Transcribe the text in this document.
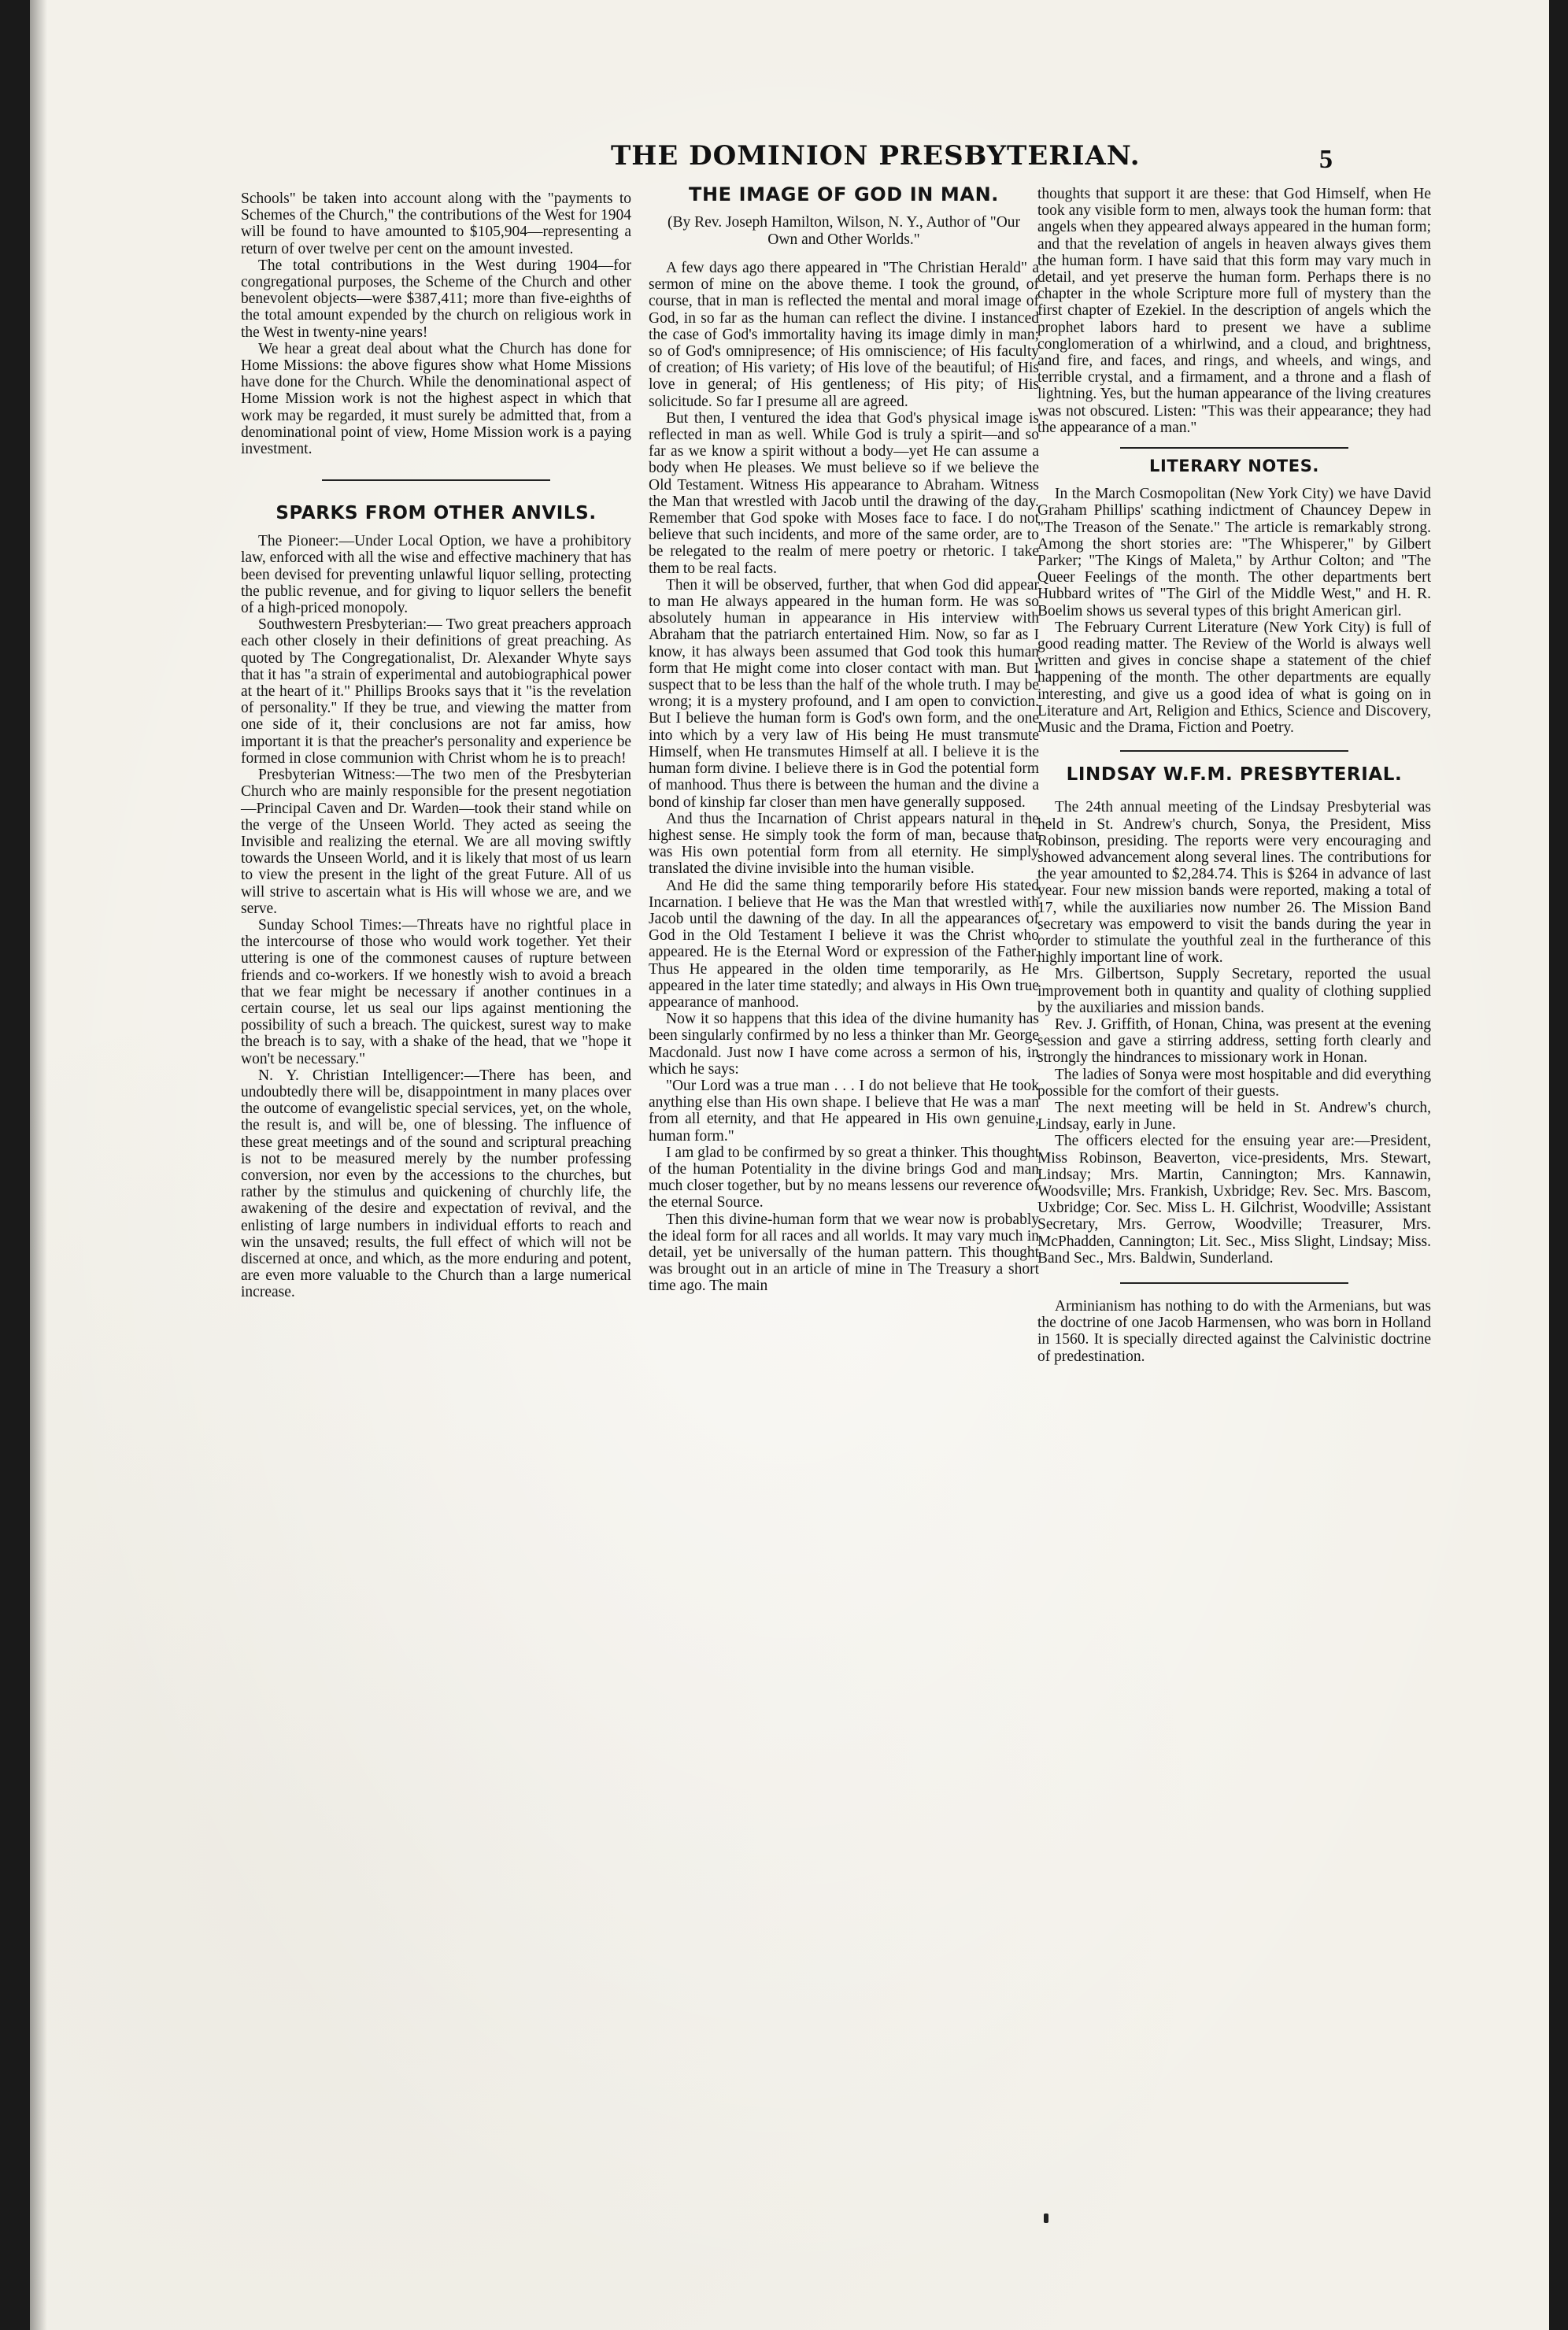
THE DOMINION PRESBYTERIAN.	5

Schools" be taken into account along with the "payments to Schemes of the Church," the contributions of the West for 1904 will be found to have amounted to $105,904—representing a return of over twelve per cent on the amount invested.

The total contributions in the West during 1904—for congregational purposes, the Scheme of the Church and other benevolent objects—were $387,411; more than five-eighths of the total amount expended by the church on religious work in the West in twenty-nine years!

We hear a great deal about what the Church has done for Home Missions: the above figures show what Home Missions have done for the Church. While the denominational aspect of Home Mission work is not the highest aspect in which that work may be regarded, it must surely be admitted that, from a denominational point of view, Home Mission work is a paying investment.

SPARKS FROM OTHER ANVILS.

The Pioneer:—Under Local Option, we have a prohibitory law, enforced with all the wise and effective machinery that has been devised for preventing unlawful liquor selling, protecting the public revenue, and for giving to liquor sellers the benefit of a high-priced monopoly.

Southwestern Presbyterian:— Two great preachers approach each other closely in their definitions of great preaching. As quoted by The Congregationalist, Dr. Alexander Whyte says that it has "a strain of experimental and autobiographical power at the heart of it." Phillips Brooks says that it "is the revelation of personality." If they be true, and viewing the matter from one side of it, their conclusions are not far amiss, how important it is that the preacher's personality and experience be formed in close communion with Christ whom he is to preach!

Presbyterian Witness:—The two men of the Presbyterian Church who are mainly responsible for the present negotiation—Principal Caven and Dr. Warden—took their stand while on the verge of the Unseen World. They acted as seeing the Invisible and realizing the eternal. We are all moving swiftly towards the Unseen World, and it is likely that most of us learn to view the present in the light of the great Future. All of us will strive to ascertain what is His will whose we are, and we serve.

Sunday School Times:—Threats have no rightful place in the intercourse of those who would work together. Yet their uttering is one of the commonest causes of rupture between friends and co-workers. If we honestly wish to avoid a breach that we fear might be necessary if another continues in a certain course, let us seal our lips against mentioning the possibility of such a breach. The quickest, surest way to make the breach is to say, with a shake of the head, that we "hope it won't be necessary."

N. Y. Christian Intelligencer:—There has been, and undoubtedly there will be, disappointment in many places over the outcome of evangelistic special services, yet, on the whole, the result is, and will be, one of blessing. The influence of these great meetings and of the sound and scriptural preaching is not to be measured merely by the number professing conversion, nor even by the accessions to the churches, but rather by the stimulus and quickening of churchly life, the awakening of the desire and expectation of revival, and the enlisting of large numbers in individual efforts to reach and win the unsaved; results, the full effect of which will not be discerned at once, and which, as the more enduring and potent, are even more valuable to the Church than a large numerical increase.

THE IMAGE OF GOD IN MAN.
(By Rev. Joseph Hamilton, Wilson, N. Y., Author of "Our Own and Other Worlds."

A few days ago there appeared in "The Christian Herald" a sermon of mine on the above theme. I took the ground, of course, that in man is reflected the mental and moral image of God, in so far as the human can reflect the divine. I instanced the case of God's immortality having its image dimly in man; so of God's omnipresence; of His omniscience; of His faculty of creation; of His variety; of His love of the beautiful; of His love in general; of His gentleness; of His pity; of His solicitude. So far I presume all are agreed.

But then, I ventured the idea that God's physical image is reflected in man as well. While God is truly a spirit—and so far as we know a spirit without a body—yet He can assume a body when He pleases. We must believe so if we believe the Old Testament. Witness His appearance to Abraham. Witness the Man that wrestled with Jacob until the drawing of the day. Remember that God spoke with Moses face to face. I do not believe that such incidents, and more of the same order, are to be relegated to the realm of mere poetry or rhetoric. I take them to be real facts.

Then it will be observed, further, that when God did appear to man He always appeared in the human form. He was so absolutely human in appearance in His interview with Abraham that the patriarch entertained Him. Now, so far as I know, it has always been assumed that God took this human form that He might come into closer contact with man. But I suspect that to be less than the half of the whole truth. I may be wrong; it is a mystery profound, and I am open to conviction. But I believe the human form is God's own form, and the one into which by a very law of His being He must transmute Himself, when He transmutes Himself at all. I believe it is the human form divine. I believe there is in God the potential form of manhood. Thus there is between the human and the divine a bond of kinship far closer than men have generally supposed.

And thus the Incarnation of Christ appears natural in the highest sense. He simply took the form of man, because that was His own potential form from all eternity. He simply translated the divine invisible into the human visible.

And He did the same thing temporarily before His stated Incarnation. I believe that He was the Man that wrestled with Jacob until the dawning of the day. In all the appearances of God in the Old Testament I believe it was the Christ who appeared. He is the Eternal Word or expression of the Father. Thus He appeared in the olden time temporarily, as He appeared in the later time statedly; and always in His Own true appearance of manhood.

Now it so happens that this idea of the divine humanity has been singularly confirmed by no less a thinker than Mr. George Macdonald. Just now I have come across a sermon of his, in which he says:

"Our Lord was a true man . . . I do not believe that He took anything else than His own shape. I believe that He was a man from all eternity, and that He appeared in His own genuine, human form."

I am glad to be confirmed by so great a thinker. This thought of the human Potentiality in the divine brings God and man much closer together, but by no means lessens our reverence of the eternal Source.

Then this divine-human form that we wear now is probably the ideal form for all races and all worlds. It may vary much in detail, yet be universally of the human pattern. This thought was brought out in an article of mine in The Treasury a short time ago. The main

thoughts that support it are these: that God Himself, when He took any visible form to men, always took the human form: that angels when they appeared always appeared in the human form; and that the revelation of angels in heaven always gives them the human form. I have said that this form may vary much in detail, and yet preserve the human form. Perhaps there is no chapter in the whole Scripture more full of mystery than the first chapter of Ezekiel. In the description of angels which the prophet labors hard to present we have a sublime conglomeration of a whirlwind, and a cloud, and brightness, and fire, and faces, and rings, and wheels, and wings, and terrible crystal, and a firmament, and a throne and a flash of lightning. Yes, but the human appearance of the living creatures was not obscured. Listen: "This was their appearance; they had the appearance of a man."

LITERARY NOTES.

In the March Cosmopolitan (New York City) we have David Graham Phillips' scathing indictment of Chauncey Depew in "The Treason of the Senate." The article is remarkably strong. Among the short stories are: "The Whisperer," by Gilbert Parker; "The Kings of Maleta," by Arthur Colton; and "The Queer Feelings of the month. The other departments bert Hubbard writes of "The Girl of the Middle West," and H. R. Boelim shows us several types of this bright American girl.

The February Current Literature (New York City) is full of good reading matter. The Review of the World is always well written and gives in concise shape a statement of the chief happening of the month. The other departments are equally interesting, and give us a good idea of what is going on in Literature and Art, Religion and Ethics, Science and Discovery, Music and the Drama, Fiction and Poetry.

LINDSAY W.F.M. PRESBYTERIAL.

The 24th annual meeting of the Lindsay Presbyterial was held in St. Andrew's church, Sonya, the President, Miss Robinson, presiding. The reports were very encouraging and showed advancement along several lines. The contributions for the year amounted to $2,284.74. This is $264 in advance of last year. Four new mission bands were reported, making a total of 17, while the auxiliaries now number 26. The Mission Band secretary was empowerd to visit the bands during the year in order to stimulate the youthful zeal in the furtherance of this highly important line of work.

Mrs. Gilbertson, Supply Secretary, reported the usual improvement both in quantity and quality of clothing supplied by the auxiliaries and mission bands.

Rev. J. Griffith, of Honan, China, was present at the evening session and gave a stirring address, setting forth clearly and strongly the hindrances to missionary work in Honan.

The ladies of Sonya were most hospitable and did everything possible for the comfort of their guests.

The next meeting will be held in St. Andrew's church, Lindsay, early in June.

The officers elected for the ensuing year are:—President, Miss Robinson, Beaverton, vice-presidents, Mrs. Stewart, Lindsay; Mrs. Martin, Cannington; Mrs. Kannawin, Woodsville; Mrs. Frankish, Uxbridge; Rev. Sec. Mrs. Bascom, Uxbridge; Cor. Sec. Miss L. H. Gilchrist, Woodville; Assistant Secretary, Mrs. Gerrow, Woodville; Treasurer, Mrs. McPhadden, Cannington; Lit. Sec., Miss Slight, Lindsay; Miss. Band Sec., Mrs. Baldwin, Sunderland.

Arminianism has nothing to do with the Armenians, but was the doctrine of one Jacob Harmensen, who was born in Holland in 1560. It is specially directed against the Calvinistic doctrine of predestination.
